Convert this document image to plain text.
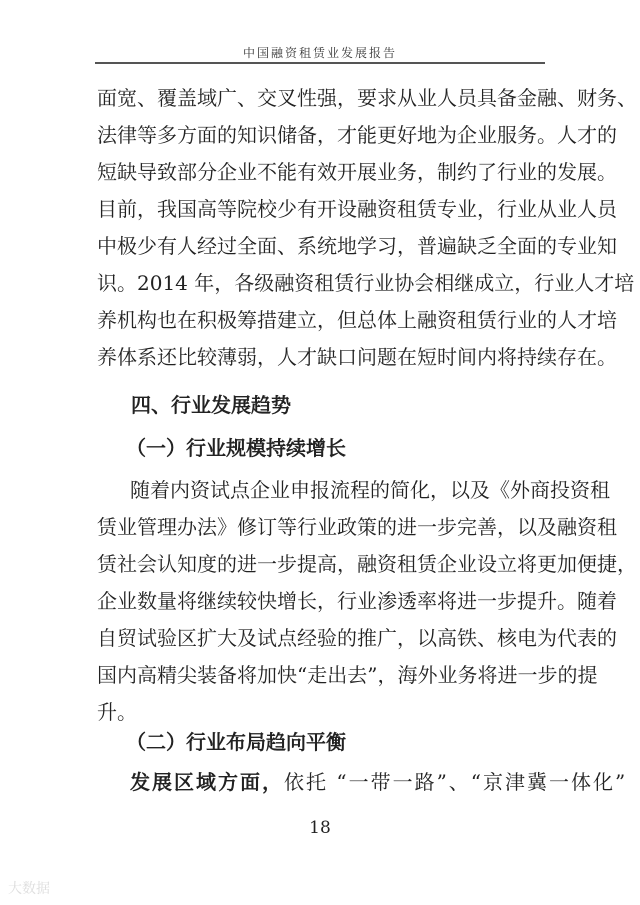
中国融资租赁业发展报告
面宽、覆盖域广、交叉性强，要求从业人员具备金融、财务、
法律等多方面的知识储备，才能更好地为企业服务。人才的
短缺导致部分企业不能有效开展业务，制约了行业的发展。
目前，我国高等院校少有开设融资租赁专业，行业从业人员
中极少有人经过全面、系统地学习，普遍缺乏全面的专业知
识。2014 年，各级融资租赁行业协会相继成立，行业人才培
养机构也在积极筹措建立，但总体上融资租赁行业的人才培
养体系还比较薄弱，人才缺口问题在短时间内将持续存在。
四、行业发展趋势
（一）行业规模持续增长
随着内资试点企业申报流程的简化，以及《外商投资租
赁业管理办法》修订等行业政策的进一步完善，以及融资租
赁社会认知度的进一步提高，融资租赁企业设立将更加便捷，
企业数量将继续较快增长，行业渗透率将进一步提升。随着
自贸试验区扩大及试点经验的推广，以高铁、核电为代表的
国内高精尖装备将加快“走出去”，海外业务将进一步的提
升。
（二）行业布局趋向平衡
发展区域方面，依托 “一带一路”、“京津冀一体化”
18
大数据
